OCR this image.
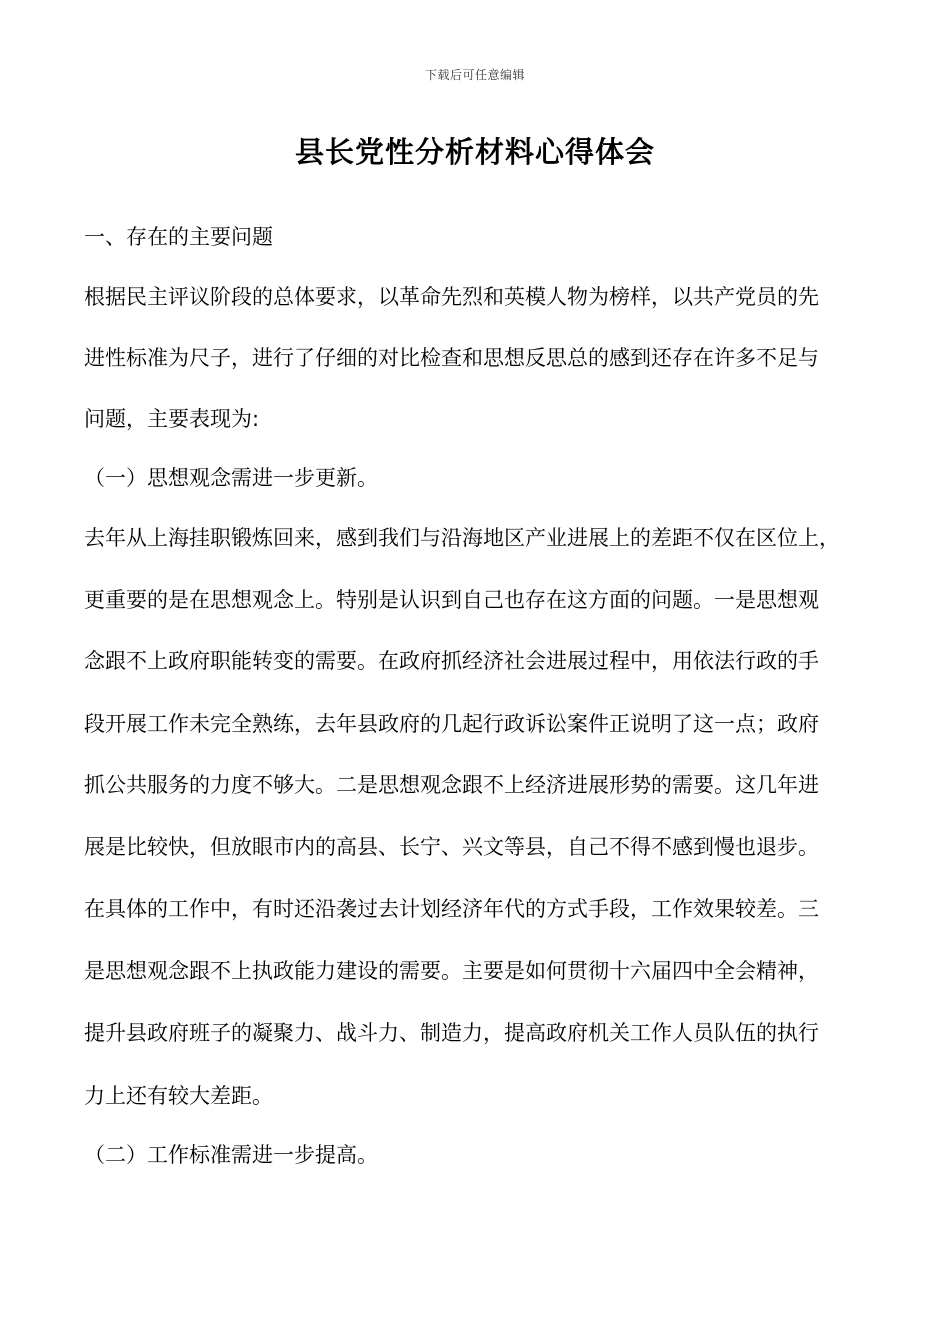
下载后可任意编辑
县长党性分析材料心得体会
一、存在的主要问题
根据民主评议阶段的总体要求，以革命先烈和英模人物为榜样，以共产党员的先
进性标准为尺子，进行了仔细的对比检查和思想反思总的感到还存在许多不足与
问题，主要表现为:
（一）思想观念需进一步更新。
去年从上海挂职锻炼回来，感到我们与沿海地区产业进展上的差距不仅在区位上，
更重要的是在思想观念上。特别是认识到自己也存在这方面的问题。一是思想观
念跟不上政府职能转变的需要。在政府抓经济社会进展过程中，用依法行政的手
段开展工作未完全熟练，去年县政府的几起行政诉讼案件正说明了这一点；政府
抓公共服务的力度不够大。二是思想观念跟不上经济进展形势的需要。这几年进
展是比较快，但放眼市内的高县、长宁、兴文等县，自己不得不感到慢也退步。
在具体的工作中，有时还沿袭过去计划经济年代的方式手段，工作效果较差。三
是思想观念跟不上执政能力建设的需要。主要是如何贯彻十六届四中全会精神，
提升县政府班子的凝聚力、战斗力、制造力，提高政府机关工作人员队伍的执行
力上还有较大差距。
（二）工作标准需进一步提高。
